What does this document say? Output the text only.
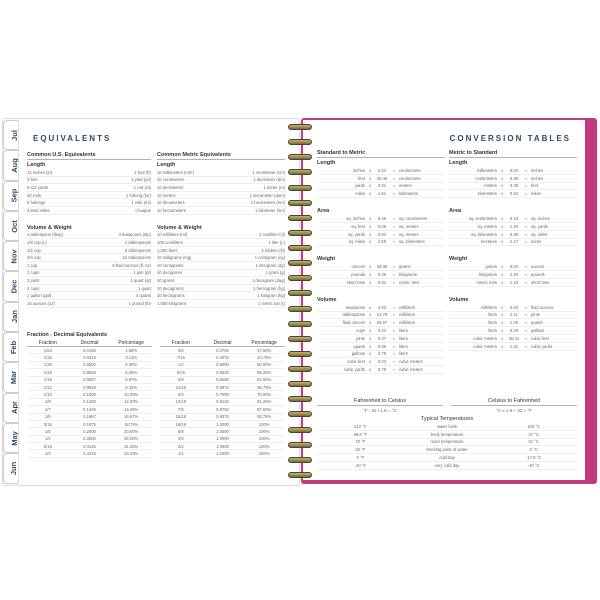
Jul
Aug
Sep
Oct
Nov
Dec
Jan
Feb
Mar
Apr
May
Jun
EQUIVALENTS
Common U.S. Equivalents
Length
12 inches (in)	1 foot (ft)
3 feet	1 yard (yd)
5-1/2 yards	1 rod (rd)
40 rods	1 furlong (fur)
8 furlongs	1 mile (mi)
3 land miles	1 league
Volume & Weight
1 tablespoon (tbsp)	3 teaspoons (tsp)
1/8 cup (c)	2 tablespoons
1/2 cup	8 tablespoons
3/4 cup	12 tablespoons
1 cup	8 fluid ounces (fl. oz)
2 cups	1 pint (pt)
2 pints	1 quart (qt)
4 cups	1 quart
1 gallon (gal)	4 quarts
16 ounces (oz)	1 pound (lb)
Common Metric Equivalents
Length
10 millimeters (mm)	1 centimeter (cm)
10 centimeters	1 decimeter (dm)
10 decimeters	1 meter (m)
10 meters	1 decameter (dam)
10 decameters	1 hectometer (hm)
10 hectometers	1 kilometer (km)
Volume & Weight
10 milliliters (ml)	1 centiliter (cl)
100 centiliters	1 liter (L)
1,000 liters	1 kiloliter (kl)
10 milligrams (mg)	1 centigram (cg)
10 centigrams	1 decigram (dg)
10 decigrams	1 gram (g)
10 grams	1 decagram (dag)
10 decagrams	1 hectogram (hg)
10 hectograms	1 kilogram (kg)
1,000 kilograms	1 metric ton (t)
Fraction - Decimal Equivalents
Fraction	Decimal	Percentage
1/64	0.0156	1.56%
1/32	0.0313	3.13%
1/20	0.0500	5.00%
1/16	0.0625	6.25%
1/15	0.0667	6.67%
1/12	0.0833	8.33%
1/10	0.1000	10.00%
1/8	0.1250	12.50%
1/7	0.1429	14.29%
1/6	0.1667	16.67%
3/16	0.1875	18.75%
1/5	0.2000	20.00%
1/4	0.2500	25.00%
5/16	0.3125	31.25%
1/3	0.3333	33.33%
Fraction	Decimal	Percentage
3/8	0.3750	37.50%
7/16	0.4375	43.75%
1/2	0.5000	50.00%
9/16	0.5625	56.25%
5/8	0.6250	62.50%
11/16	0.6875	68.75%
3/4	0.7500	75.00%
13/16	0.8125	81.25%
7/8	0.8750	87.50%
15/16	0.9375	93.75%
16/16	1.0000	100%
8/8	1.0000	100%
4/4	1.0000	100%
2/2	1.0000	100%
1/1	1.0000	100%
CONVERSION TABLES
Standard to Metric
Length
inches x	2.54	= centimeters
feet x	30.48	= centimeters
yards x	0.91	= meters
miles x	1.61	= kilometers
Area
sq. inches x	6.45	= sq. centimeters
sq. feet x	0.09	= sq. meters
sq. yards x	0.84	= sq. meters
sq. miles x	2.59	= sq. kilometers
Weight
ounces x	28.35	= grams
pounds x	0.45	= kilograms
short tons x	0.91	= metric tons
Volume
teaspoons x	4.93	= milliliters
tablespoons x	14.79	= milliliters
fluid ounces x	29.57	= milliliters
cups x	0.24	= liters
pints x	0.47	= liters
quarts x	0.95	= liters
gallons x	3.79	= liters
cubic feet x	0.03	= cubic meters
cubic yards x	0.76	= cubic meters
Metric to Standard
Length
millimeters x	0.04	= inches
centimeters x	0.39	= inches
meters x	3.28	= feet
kilometers x	0.62	= miles
Area
sq. centimeters x	0.16	= sq. inches
sq. meters x	1.20	= sq. yards
sq. kilometers x	0.39	= sq. miles
hectares x	2.47	= acres
Weight
grams x	0.04	= ounces
kilograms x	2.20	= pounds
metric tons x	1.10	= short tons
Volume
milliliters x	0.03	= fluid ounces
liters x	2.11	= pints
liters x	1.06	= quarts
liters x	0.26	= gallons
cubic meters x	35.31	= cubic feet
cubic meters x	1.31	= cubic yards
Fahrenheit to Celsius
°F - 32 / 1.8 = °C
Celsius to Fahrenheit
°C x 1.8 + 32 = °F
Typical Temperatures
212 °F	water boils	100 °C
98.6 °F	body temperature	37 °C
70 °F	room temperature	21 °C
32 °F	freezing point of water	0 °C
0 °F	cold day	-17.8 °C
-40 °F	very cold day	-40 °C
